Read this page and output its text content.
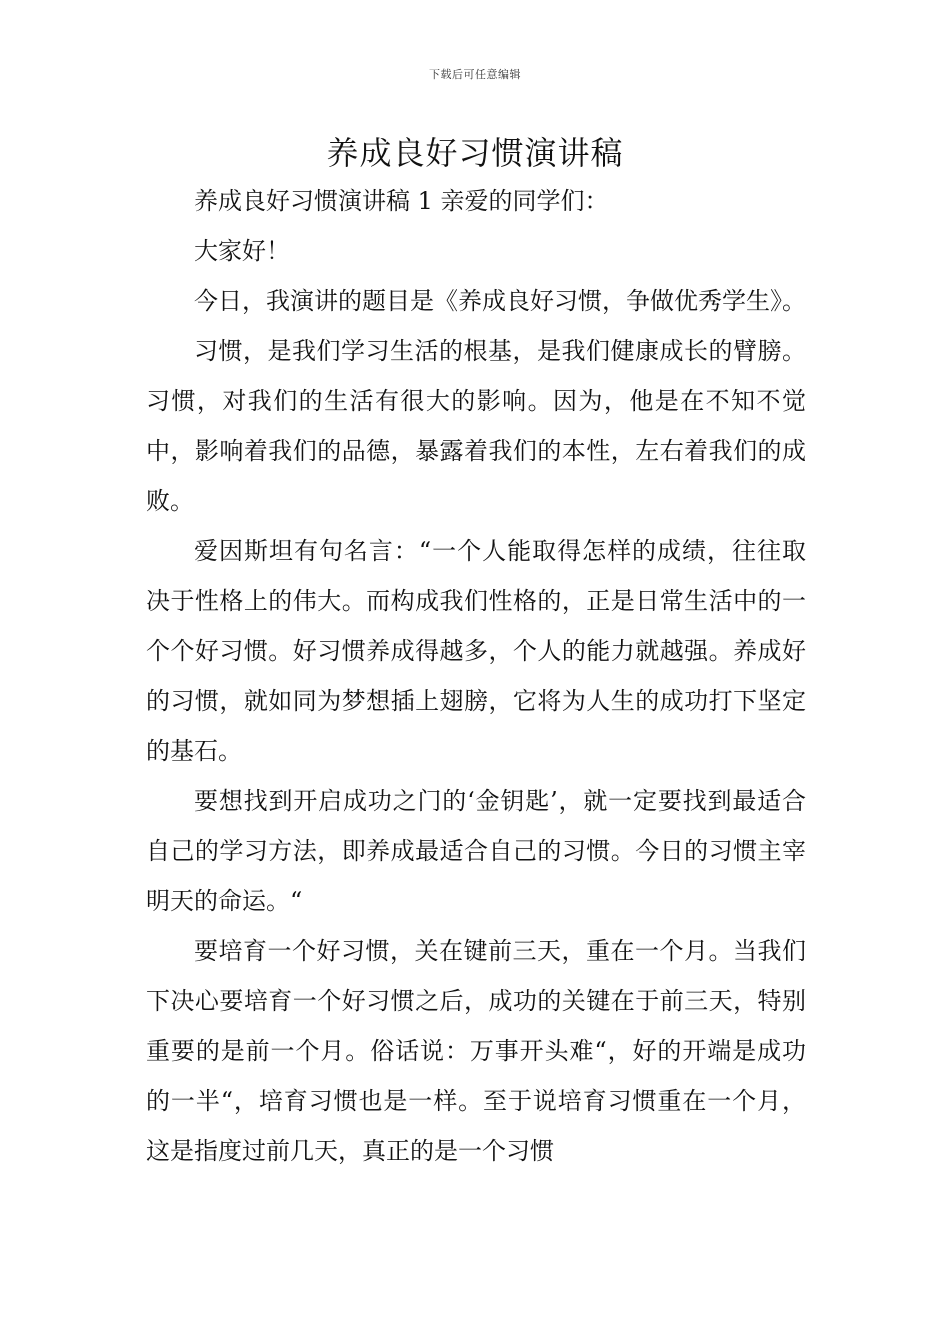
下载后可任意编辑
养成良好习惯演讲稿

养成良好习惯演讲稿 1 亲爱的同学们：

大家好！

今日，我演讲的题目是《养成良好习惯，争做优秀学生》。

习惯，是我们学习生活的根基，是我们健康成长的臂膀。习惯，对我们的生活有很大的影响。因为，他是在不知不觉中，影响着我们的品德，暴露着我们的本性，左右着我们的成败。

爱因斯坦有句名言：“一个人能取得怎样的成绩，往往取决于性格上的伟大。而构成我们性格的，正是日常生活中的一个个好习惯。好习惯养成得越多，个人的能力就越强。养成好的习惯，就如同为梦想插上翅膀，它将为人生的成功打下坚定的基石。

要想找到开启成功之门的‘金钥匙’，就一定要找到最适合自己的学习方法，即养成最适合自己的习惯。今日的习惯主宰明天的命运。“

要培育一个好习惯，关在键前三天，重在一个月。当我们下决心要培育一个好习惯之后，成功的关键在于前三天，特别重要的是前一个月。俗话说：万事开头难“，好的开端是成功的一半“，培育习惯也是一样。至于说培育习惯重在一个月，这是指度过前几天，真正的是一个习惯
